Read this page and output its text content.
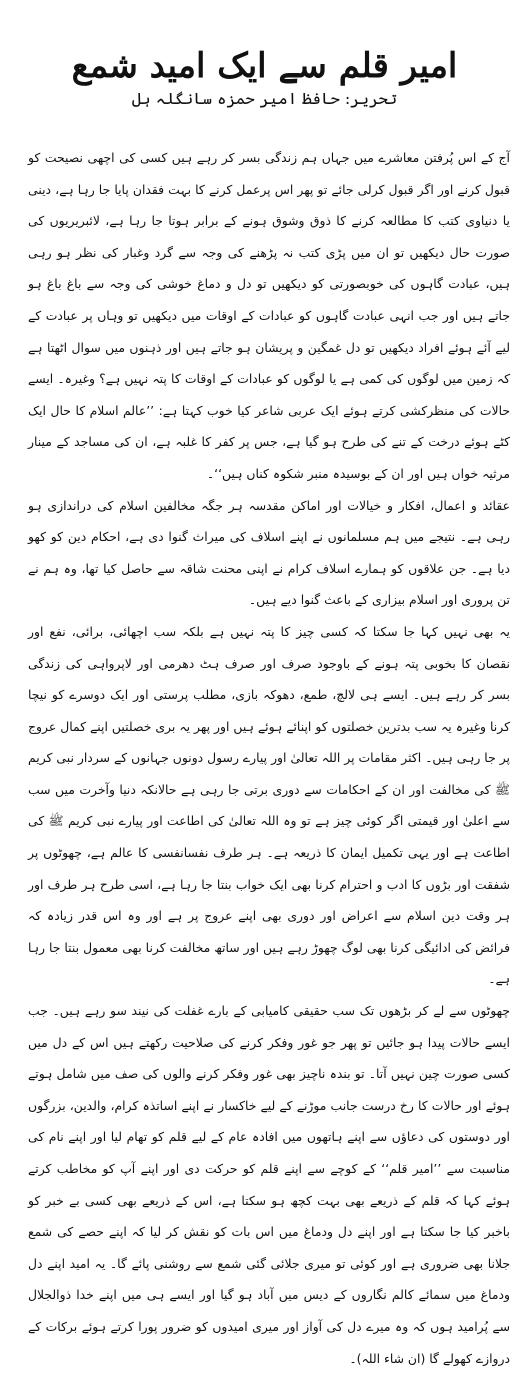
امیر قلم سے ایک امید شمع
تحریر: حافظ امیر حمزہ سانگلہ ہل

آج کے اس پُرفتن معاشرے میں جہاں ہم زندگی بسر کر رہے ہیں کسی کی اچھی نصیحت کو قبول کرنے اور اگر قبول کرلی جائے تو پھر اس پرعمل کرنے کا بہت فقدان پایا جا رہا ہے، دینی یا دنیاوی کتب کا مطالعہ کرنے کا ذوق وشوق ہونے کے برابر ہوتا جا رہا ہے، لائبریریوں کی صورت حال دیکھیں تو ان میں پڑی کتب نہ پڑھنے کی وجہ سے گرد وغبار کی نظر ہو رہی ہیں، عبادت گاہوں کی خوبصورتی کو دیکھیں تو دل و دماغ خوشی کی وجہ سے باغ باغ ہو جاتے ہیں اور جب انہی عبادت گاہوں کو عبادات کے اوقات میں دیکھیں تو وہاں پر عبادت کے لیے آئے ہوئے افراد دیکھیں تو دل غمگین و پریشان ہو جاتے ہیں اور ذہنوں میں سوال اٹھتا ہے کہ زمین میں لوگوں کی کمی ہے یا لوگوں کو عبادات کے اوقات کا پتہ نہیں ہے؟ وغیرہ۔ ایسے حالات کی منظرکشی کرتے ہوئے ایک عربی شاعر کیا خوب کہتا ہے: ’’عالم اسلام کا حال ایک کٹے ہوئے درخت کے تنے کی طرح ہو گیا ہے، جس پر کفر کا غلبہ ہے، ان کی مساجد کے مینار مرثیہ خواں ہیں اور ان کے بوسیدہ منبر شکوہ کناں ہیں‘‘۔

عقائد و اعمال، افکار و خیالات اور اماکن مقدسہ ہر جگہ مخالفین اسلام کی دراندازی ہو رہی ہے۔ نتیجے میں ہم مسلمانوں نے اپنے اسلاف کی میراث گنوا دی ہے، احکام دین کو کھو دیا ہے۔ جن علاقوں کو ہمارے اسلاف کرام نے اپنی محنت شاقہ سے حاصل کیا تھا، وہ ہم نے تن پروری اور اسلام بیزاری کے باعث گنوا دیے ہیں۔

یہ بھی نہیں کہا جا سکتا کہ کسی چیز کا پتہ نہیں ہے بلکہ سب اچھائی، برائی، نفع اور نقصان کا بخوبی پتہ ہونے کے باوجود صرف اور صرف ہٹ دھرمی اور لاپرواہی کی زندگی بسر کر رہے ہیں۔ ایسے ہی لالچ، طمع، دھوکہ بازی، مطلب پرستی اور ایک دوسرے کو نیچا کرنا وغیرہ یہ سب بدترین خصلتوں کو اپنائے ہوئے ہیں اور پھر یہ بری خصلتیں اپنے کمال عروج پر جا رہی ہیں۔ اکثر مقامات پر اللہ تعالیٰ اور پیارے رسول دونوں جہانوں کے سردار نبی کریم ﷺ کی مخالفت اور ان کے احکامات سے دوری برتی جا رہی ہے حالانکہ دنیا وآخرت میں سب سے اعلیٰ اور قیمتی اگر کوئی چیز ہے تو وہ اللہ تعالیٰ کی اطاعت اور پیارے نبی کریم ﷺ کی اطاعت ہے اور یہی تکمیل ایمان کا ذریعہ ہے۔ ہر طرف نفسانفسی کا عالم ہے، چھوٹوں پر شفقت اور بڑوں کا ادب و احترام کرنا بھی ایک خواب بنتا جا رہا ہے، اسی طرح ہر طرف اور ہر وقت دین اسلام سے اعراض اور دوری بھی اپنے عروج پر ہے اور وہ اس قدر زیادہ کہ فرائض کی ادائیگی کرنا بھی لوگ چھوڑ رہے ہیں اور ساتھ مخالفت کرنا بھی معمول بنتا جا رہا ہے۔

چھوٹوں سے لے کر بڑھوں تک سب حقیقی کامیابی کے بارے غفلت کی نیند سو رہے ہیں۔ جب ایسے حالات پیدا ہو جائیں تو پھر جو غور وفکر کرنے کی صلاحیت رکھتے ہیں اس کے دل میں کسی صورت چین نہیں آتا۔ تو بندہ ناچیز بھی غور وفکر کرنے والوں کی صف میں شامل ہوتے ہوئے اور حالات کا رخ درست جانب موڑنے کے لیے خاکسار نے اپنے اساتذہ کرام، والدین، بزرگوں اور دوستوں کی دعاؤں سے اپنے ہاتھوں میں افادہ عام کے لیے قلم کو تھام لیا اور اپنے نام کی مناسبت سے ’’امیر قلم‘‘ کے کوچے سے اپنے قلم کو حرکت دی اور اپنے آپ کو مخاطب کرتے ہوئے کہا کہ قلم کے ذریعے بھی بہت کچھ ہو سکتا ہے، اس کے ذریعے بھی کسی بے خبر کو باخبر کیا جا سکتا ہے اور اپنے دل ودماغ میں اس بات کو نقش کر لیا کہ اپنے حصے کی شمع جلانا بھی ضروری ہے اور کوئی تو میری جلائی گئی شمع سے روشنی پائے گا۔ یہ امید اپنے دل ودماغ میں سمائے کالم نگاروں کے دیس میں آباد ہو گیا اور ایسے ہی میں اپنے خدا ذوالجلال سے پُرامید ہوں کہ وہ میرے دل کی آواز اور میری امیدوں کو ضرور پورا کرتے ہوئے برکات کے دروازے کھولے گا (ان شاء اللہ)۔
